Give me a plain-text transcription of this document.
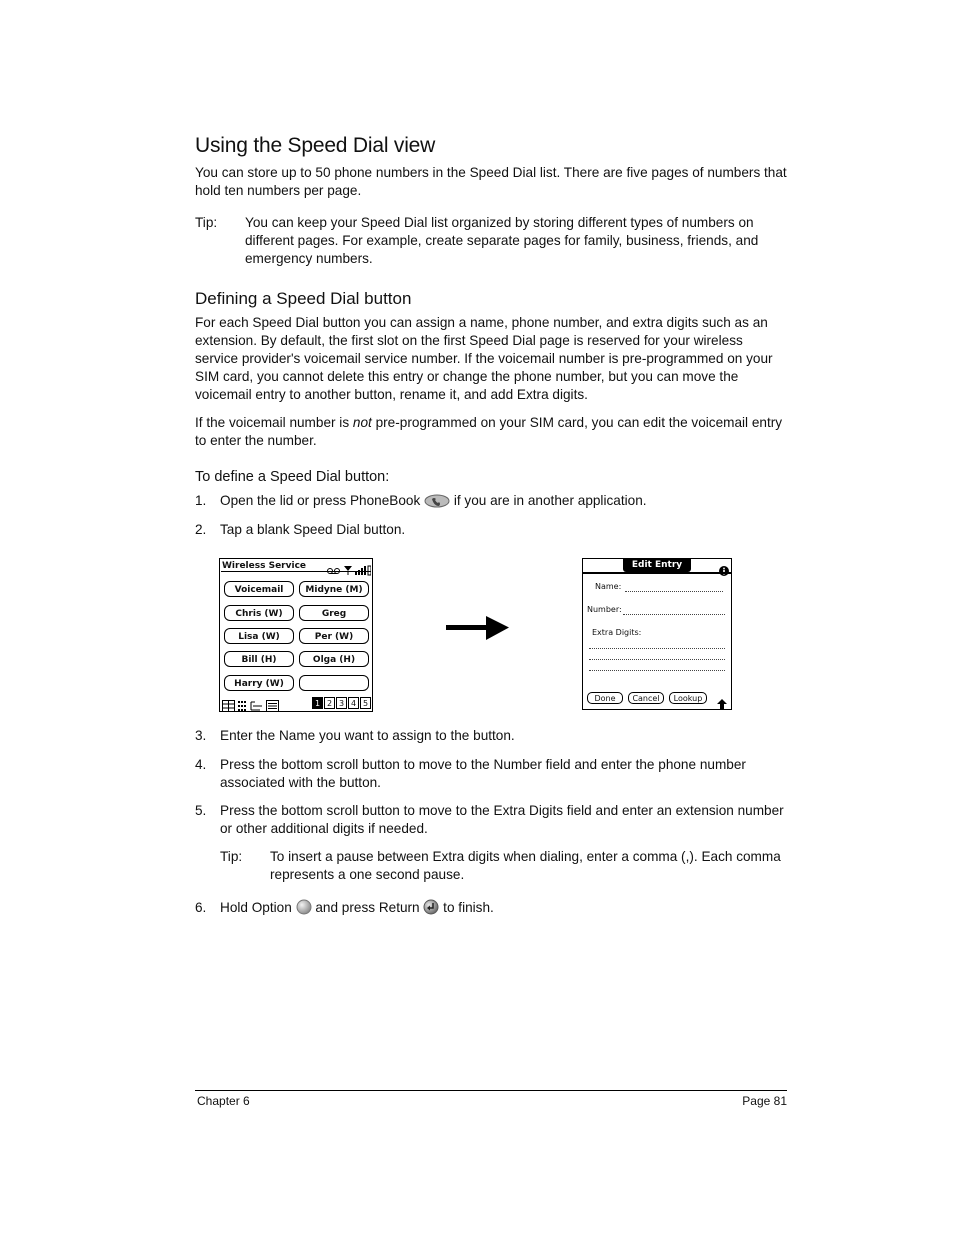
Using the Speed Dial view

You can store up to 50 phone numbers in the Speed Dial list. There are five pages of numbers that hold ten numbers per page.

Tip: You can keep your Speed Dial list organized by storing different types of numbers on different pages. For example, create separate pages for family, business, friends, and emergency numbers.

Defining a Speed Dial button

For each Speed Dial button you can assign a name, phone number, and extra digits such as an extension. By default, the first slot on the first Speed Dial page is reserved for your wireless service provider's voicemail service number. If the voicemail number is pre-programmed on your SIM card, you cannot delete this entry or change the phone number, but you can move the voicemail entry to another button, rename it, and add Extra digits.

If the voicemail number is not pre-programmed on your SIM card, you can edit the voicemail entry to enter the number.

To define a Speed Dial button:
1. Open the lid or press PhoneBook  if you are in another application.

2. Tap a blank Speed Dial button.

Wireless Service
Voicemail	Midyne (M)
Chris (W)	Greg
Lisa (W)	Per (W)
Bill (H)	Olga (H)
Harry (W)
1 2 3 4 5
Edit Entry
Name:
Number:
Extra Digits:
Done	Cancel	Lookup
3. Enter the Name you want to assign to the button.

4. Press the bottom scroll button to move to the Number field and enter the phone number associated with the button.

5. Press the bottom scroll button to move to the Extra Digits field and enter an extension number or other additional digits if needed.

Tip: To insert a pause between Extra digits when dialing, enter a comma (,). Each comma represents a one second pause.

6. Hold Option  and press Return  to finish.

Chapter 6	Page 81
